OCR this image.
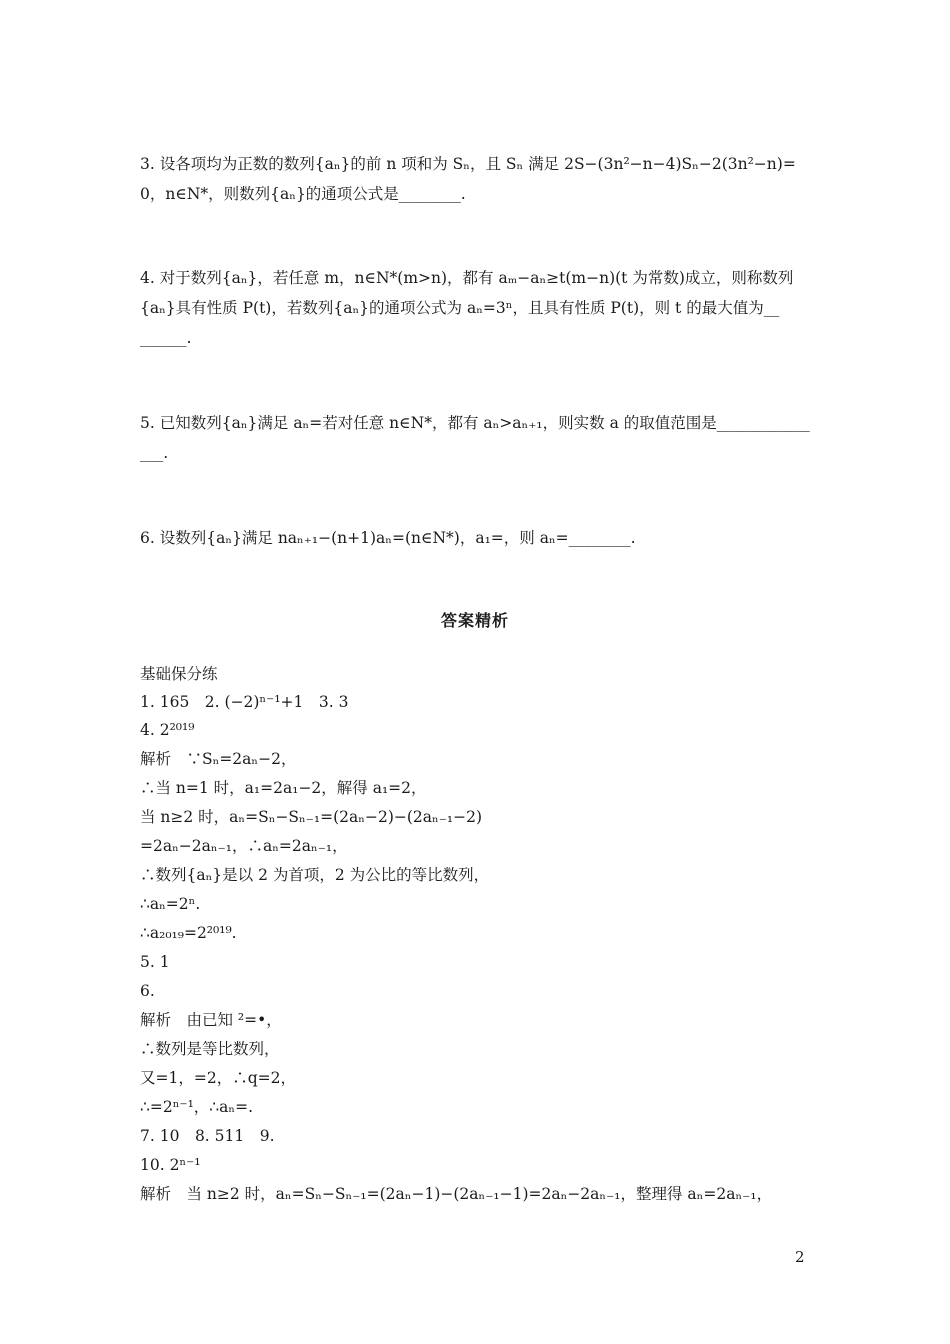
3. 设各项均为正数的数列{aₙ}的前 n 项和为 Sₙ，且 Sₙ 满足 2S−(3n²−n−4)Sₙ−2(3n²−n)=
0，n∈N*，则数列{aₙ}的通项公式是________.
4. 对于数列{aₙ}，若任意 m，n∈N*(m>n)，都有 aₘ−aₙ≥t(m−n)(t 为常数)成立，则称数列
{aₙ}具有性质 P(t)，若数列{aₙ}的通项公式为 aₙ=3ⁿ，且具有性质 P(t)，则 t 的最大值为__
______.
5. 已知数列{aₙ}满足 aₙ=若对任意 n∈N*，都有 aₙ>aₙ₊₁，则实数 a 的取值范围是____________
___.
6. 设数列{aₙ}满足 naₙ₊₁−(n+1)aₙ=(n∈N*)，a₁=，则 aₙ=________.
答案精析
基础保分练
1. 165　2. (−2)ⁿ⁻¹+1　3. 3
4. 2²⁰¹⁹
解析　∵Sₙ=2aₙ−2，
∴当 n=1 时，a₁=2a₁−2，解得 a₁=2，
当 n≥2 时，aₙ=Sₙ−Sₙ₋₁=(2aₙ−2)−(2aₙ₋₁−2)
=2aₙ−2aₙ₋₁，∴aₙ=2aₙ₋₁，
∴数列{aₙ}是以 2 为首项，2 为公比的等比数列，
∴aₙ=2ⁿ.
∴a₂₀₁₉=2²⁰¹⁹.
5. 1
6.
解析　由已知 ²=•，
∴数列是等比数列，
又=1，=2，∴q=2，
∴=2ⁿ⁻¹，∴aₙ=.
7. 10　8. 511　9.
10. 2ⁿ⁻¹
解析　当 n≥2 时，aₙ=Sₙ−Sₙ₋₁=(2aₙ−1)−(2aₙ₋₁−1)=2aₙ−2aₙ₋₁，整理得 aₙ=2aₙ₋₁，
2
